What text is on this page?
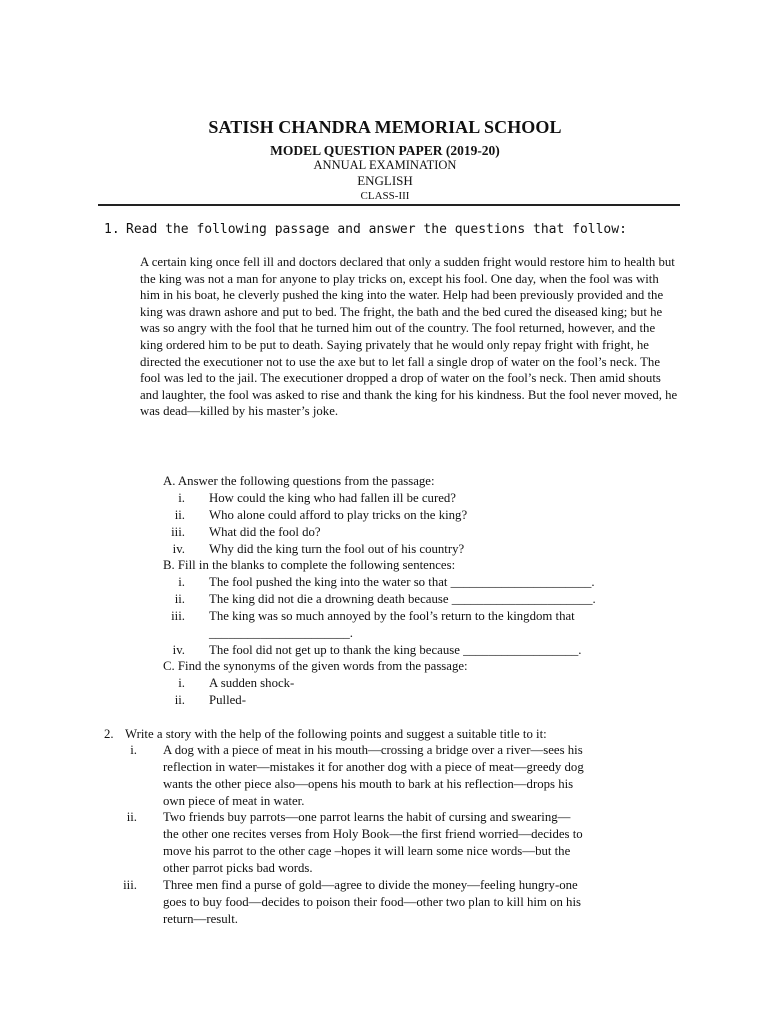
SATISH CHANDRA MEMORIAL SCHOOL
MODEL QUESTION PAPER (2019-20)
ANNUAL EXAMINATION
ENGLISH
CLASS-III
1. Read the following passage and answer the questions that follow:
A certain king once fell ill and doctors declared that only a sudden fright would restore him to health but the king was not a man for anyone to play tricks on, except his fool. One day, when the fool was with him in his boat, he cleverly pushed the king into the water. Help had been previously provided and the king was drawn ashore and put to bed. The fright, the bath and the bed cured the diseased king; but he was so angry with the fool that he turned him out of the country. The fool returned, however, and the king ordered him to be put to death. Saying privately that he would only repay fright with fright, he directed the executioner not to use the axe but to let fall a single drop of water on the fool’s neck. The fool was led to the jail. The executioner dropped a drop of water on the fool’s neck. Then amid shouts and laughter, the fool was asked to rise and thank the king for his kindness. But the fool never moved, he was dead—killed by his master’s joke.
A. Answer the following questions from the passage:
i. How could the king who had fallen ill be cured?
ii. Who alone could afford to play tricks on the king?
iii. What did the fool do?
iv. Why did the king turn the fool out of his country?
B. Fill in the blanks to complete the following sentences:
i. The fool pushed the king into the water so that ______________________.
ii. The king did not die a drowning death because ______________________.
iii. The king was so much annoyed by the fool’s return to the kingdom that
______________________.
iv. The fool did not get up to thank the king because __________________.
C. Find the synonyms of the given words from the passage:
i. A sudden shock-
ii. Pulled-
2. Write a story with the help of the following points and suggest a suitable title to it:
i. A dog with a piece of meat in his mouth—crossing a bridge over a river—sees his
reflection in water—mistakes it for another dog with a piece of meat—greedy dog
wants the other piece also—opens his mouth to bark at his reflection—drops his
own piece of meat in water.
ii. Two friends buy parrots—one parrot learns the habit of cursing and swearing—
the other one recites verses from Holy Book—the first friend worried—decides to
move his parrot to the other cage –hopes it will learn some nice words—but the
other parrot picks bad words.
iii. Three men find a purse of gold—agree to divide the money—feeling hungry-one
goes to buy food—decides to poison their food—other two plan to kill him on his
return—result.
